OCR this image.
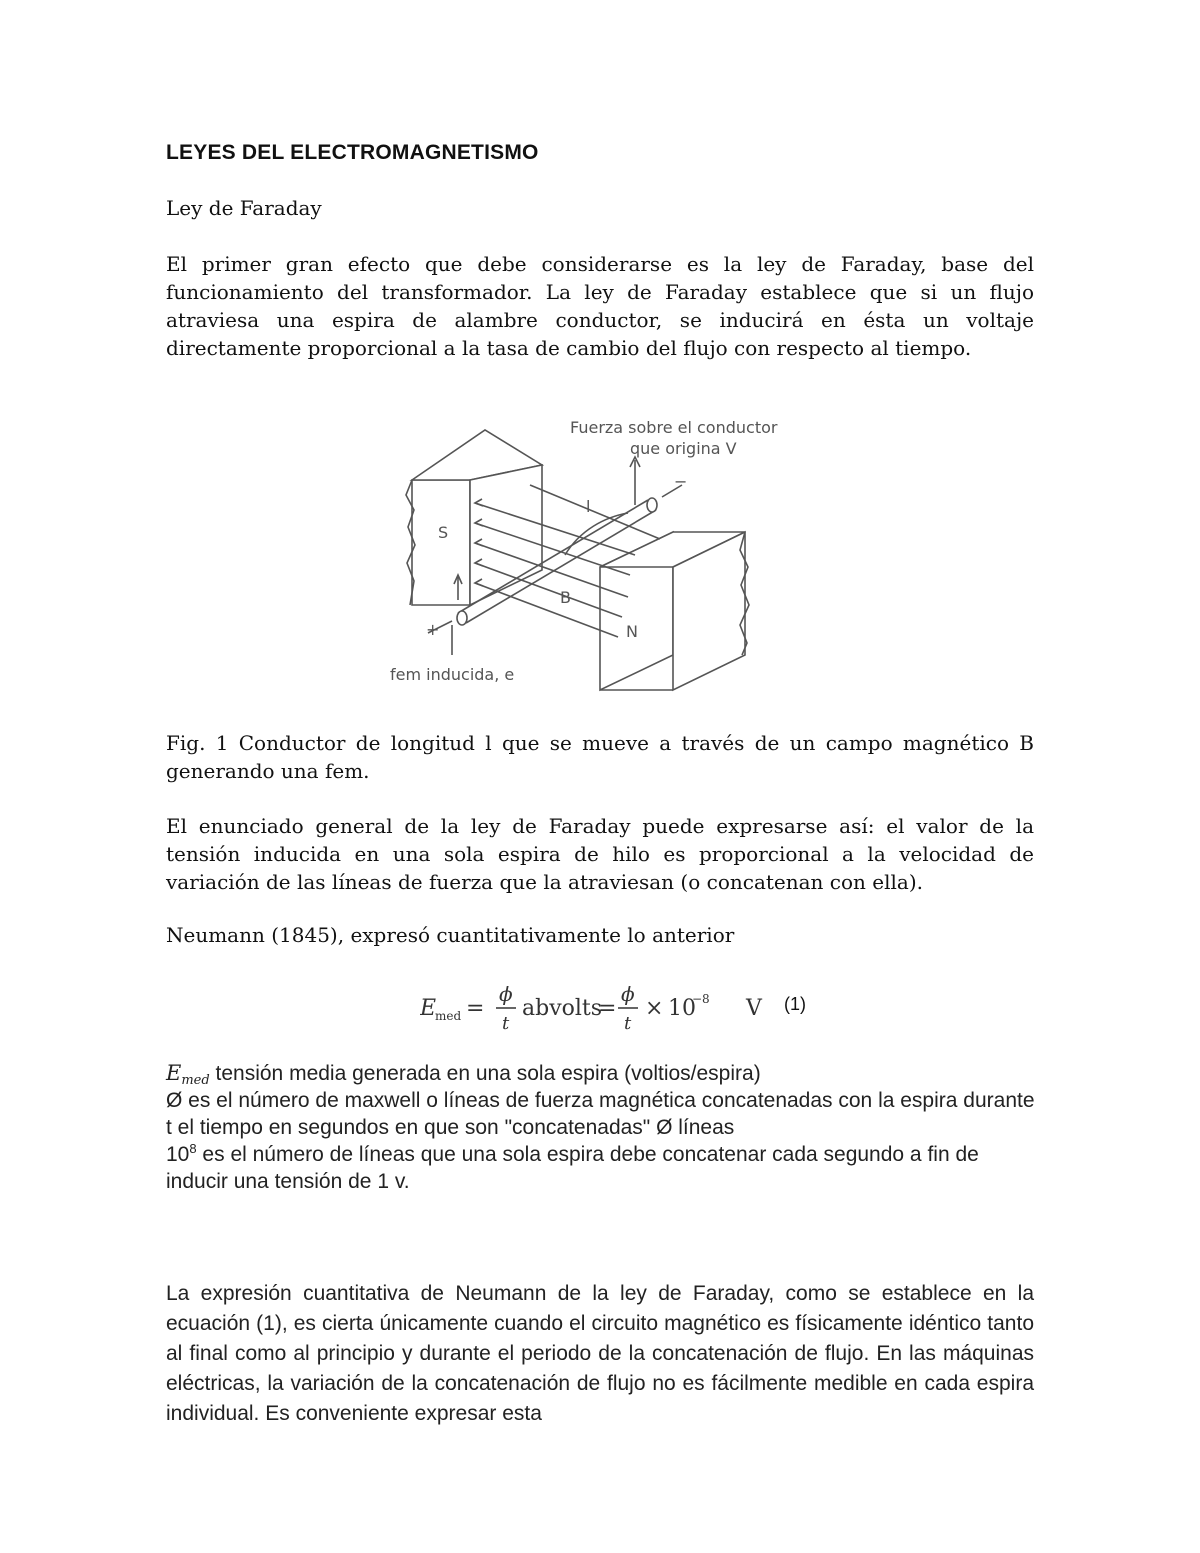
LEYES DEL ELECTROMAGNETISMO
Ley de Faraday

El primer gran efecto que debe considerarse es la ley de Faraday, base del funcionamiento del transformador. La ley de Faraday establece que si un flujo atraviesa una espira de alambre conductor, se inducirá en ésta un voltaje directamente proporcional a la tasa de cambio del flujo con respecto al tiempo.

Fuerza sobre el conductor
que origina V
S
N
B
l
+
−
fem inducida, e
Fig. 1 Conductor de longitud l que se mueve a través de un campo magnético B generando una fem.

El enunciado general de la ley de Faraday puede expresarse así: el valor de la tensión inducida en una sola espira de hilo es proporcional a la velocidad de variación de las líneas de fuerza que la atraviesan (o concatenan con ella).

Neumann (1845), expresó cuantitativamente lo anterior

E
med =
ϕ
t
abvolts
=
ϕ
t
× 10
−8 V (1)
$E_{med}$ tensión media generada en una sola espira (voltios/espira)
Ø es el número de maxwell o líneas de fuerza magnética concatenadas con la espira durante
t el tiempo en segundos en que son "concatenadas" Ø líneas
$10^8$ es el número de líneas que una sola espira debe concatenar cada segundo a fin de inducir una tensión de 1 v.
La expresión cuantitativa de Neumann de la ley de Faraday, como se establece en la ecuación (1), es cierta únicamente cuando el circuito magnético es físicamente idéntico tanto al final como al principio y durante el periodo de la concatenación de flujo. En las máquinas eléctricas, la variación de la concatenación de flujo no es fácilmente medible en cada espira individual. Es conveniente expresar esta
